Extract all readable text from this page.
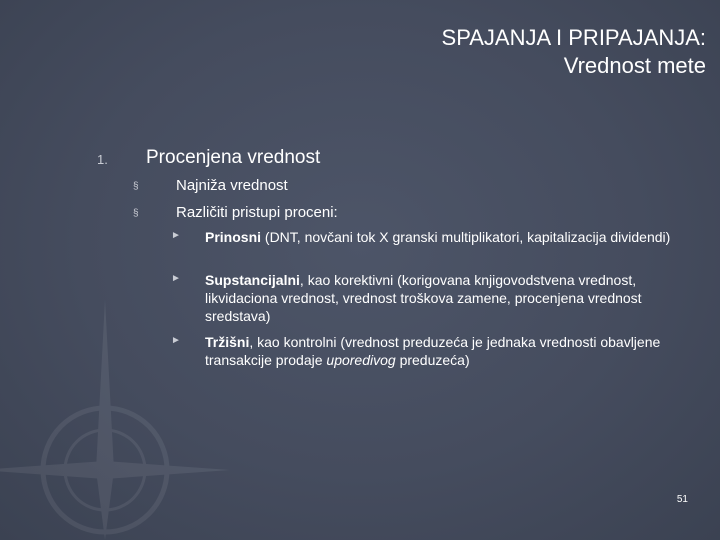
SPAJANJA I PRIPAJANJA:
Vrednost mete
1. Procenjena vrednost
§ Najniža vrednost
§ Različiti pristupi proceni:
► Prinosni (DNT, novčani tok X granski multiplikatori, kapitalizacija dividendi)
► Supstancijalni, kao korektivni (korigovana knjigovodstvena vrednost, likvidaciona vrednost, vrednost troškova zamene, procenjena vrednost sredstava)
► Tržišni, kao kontrolni (vrednost preduzeća je jednaka vrednosti obavljene transakcije prodaje uporedivog preduzeća)
51
